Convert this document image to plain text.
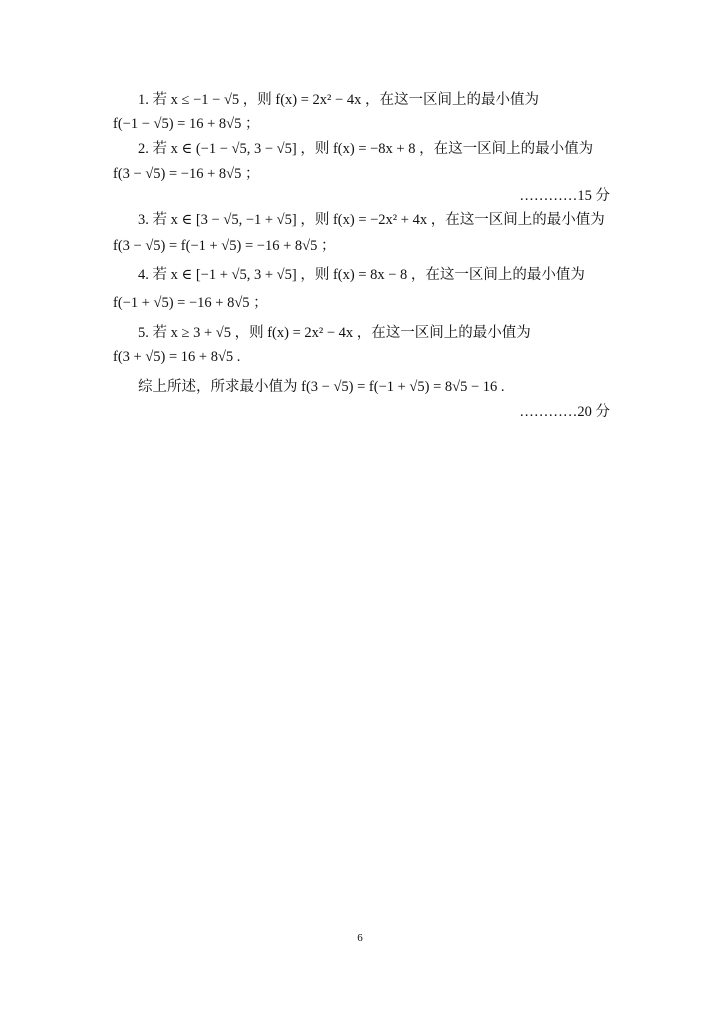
1. 若 x ≤ −1 − √5 ，则 f(x) = 2x² − 4x ，在这一区间上的最小值为
f(−1 − √5) = 16 + 8√5 ；
2. 若 x ∈ (−1 − √5, 3 − √5] ，则 f(x) = −8x + 8 ，在这一区间上的最小值为
f(3 − √5) = −16 + 8√5 ；
…………15 分
3. 若 x ∈ [3 − √5, −1 + √5] ，则 f(x) = −2x² + 4x ，在这一区间上的最小值为
f(3 − √5) = f(−1 + √5) = −16 + 8√5 ；
4. 若 x ∈ [−1 + √5, 3 + √5] ，则 f(x) = 8x − 8 ，在这一区间上的最小值为
f(−1 + √5) = −16 + 8√5 ；
5. 若 x ≥ 3 + √5 ，则 f(x) = 2x² − 4x ，在这一区间上的最小值为
f(3 + √5) = 16 + 8√5 .
综上所述，所求最小值为 f(3 − √5) = f(−1 + √5) = 8√5 − 16 .
…………20 分
6
